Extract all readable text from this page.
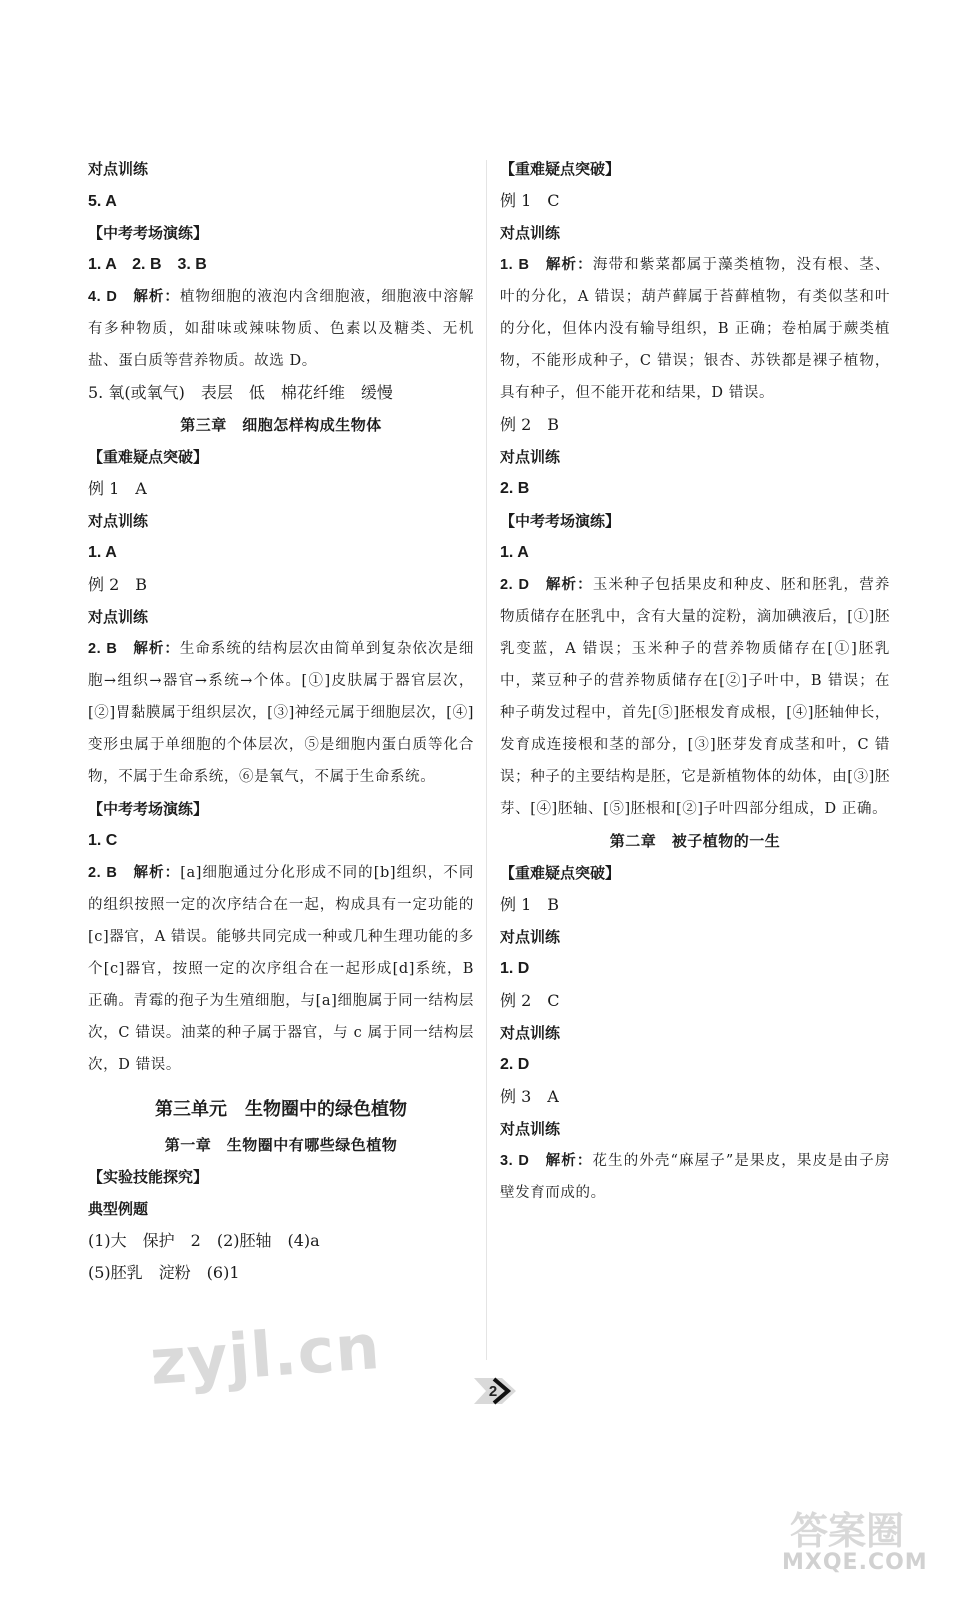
对点训练
5. A
【中考考场演练】
1. A　2. B　3. B
4. D　 解析：植物细胞的液泡内含细胞液，细胞液中溶解有多种物质，如甜味或辣味物质、色素以及糖类、无机盐、蛋白质等营养物质。故选 D。
5. 氧(或氧气)　表层　低　棉花纤维　缓慢
第三章　细胞怎样构成生物体
【重难疑点突破】
例 1　A
对点训练
1. A
例 2　B
对点训练
2. B　 解析：生命系统的结构层次由简单到复杂依次是细胞→组织→器官→系统→个体。[①]皮肤属于器官层次，[②]胃黏膜属于组织层次，[③]神经元属于细胞层次，[④]变形虫属于单细胞的个体层次，⑤是细胞内蛋白质等化合物，不属于生命系统，⑥是氧气，不属于生命系统。
【中考考场演练】
1. C
2. B　 解析：[a]细胞通过分化形成不同的[b]组织，不同的组织按照一定的次序结合在一起，构成具有一定功能的[c]器官，A 错误。能够共同完成一种或几种生理功能的多个[c]器官，按照一定的次序组合在一起形成[d]系统，B 正确。青霉的孢子为生殖细胞，与[a]细胞属于同一结构层次，C 错误。油菜的种子属于器官，与 c 属于同一结构层次，D 错误。
第三单元　生物圈中的绿色植物
第一章　生物圈中有哪些绿色植物
【实验技能探究】
典型例题
(1)大　保护　2　(2)胚轴　(4)a
(5)胚乳　淀粉　(6)1
【重难疑点突破】
例 1　C
对点训练
1. B　 解析：海带和紫菜都属于藻类植物，没有根、茎、叶的分化，A 错误；葫芦藓属于苔藓植物，有类似茎和叶的分化，但体内没有输导组织，B 正确；卷柏属于蕨类植物，不能形成种子，C 错误；银杏、苏铁都是裸子植物，具有种子，但不能开花和结果，D 错误。
例 2　B
对点训练
2. B
【中考考场演练】
1. A
2. D　 解析：玉米种子包括果皮和种皮、胚和胚乳，营养物质储存在胚乳中，含有大量的淀粉，滴加碘液后，[①]胚乳变蓝，A 错误；玉米种子的营养物质储存在[①]胚乳中，菜豆种子的营养物质储存在[②]子叶中，B 错误；在种子萌发过程中，首先[⑤]胚根发育成根，[④]胚轴伸长，发育成连接根和茎的部分，[③]胚芽发育成茎和叶，C 错误；种子的主要结构是胚，它是新植物体的幼体，由[③]胚芽、[④]胚轴、[⑤]胚根和[②]子叶四部分组成，D 正确。
第二章　被子植物的一生
【重难疑点突破】
例 1　B
对点训练
1. D
例 2　C
对点训练
2. D
例 3　A
对点训练
3. D　 解析：花生的外壳“麻屋子”是果皮，果皮是由子房壁发育而成的。
2
zyjl.cn
答案圈
MXQE.COM
